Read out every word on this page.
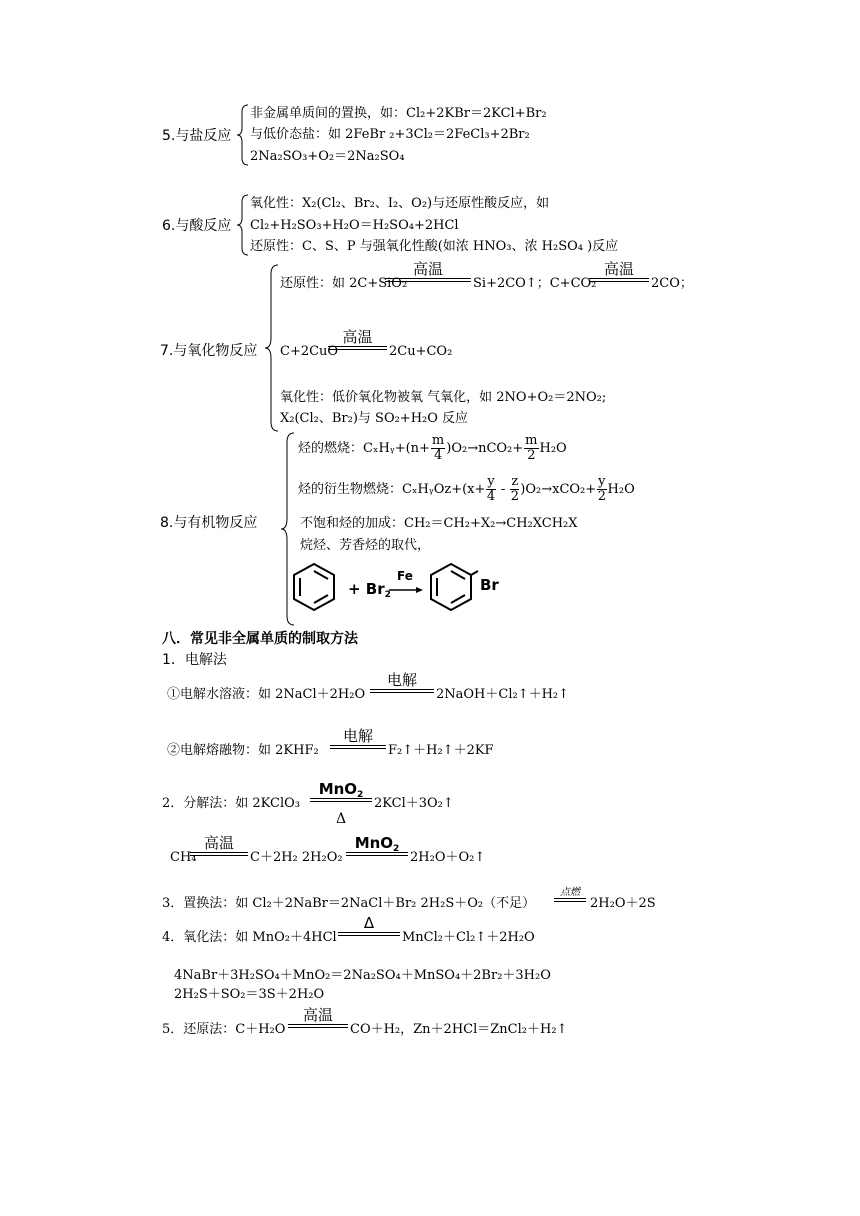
5.与盐反应
非金属单质间的置换，如：Cl₂+2KBr＝2KCl+Br₂
与低价态盐：如 2FeBr ₂+3Cl₂＝2FeCl₃+2Br₂
2Na₂SO₃+O₂＝2Na₂SO₄
6.与酸反应
氧化性：X₂(Cl₂、Br₂、I₂、O₂)与还原性酸反应，如
Cl₂+H₂SO₃+H₂O＝H₂SO₄+2HCl
还原性：C、S、P 与强氧化性酸(如浓 HNO₃、浓 H₂SO₄ )反应
7.与氧化物反应
还原性：如 2C+SiO₂
高温
Si+2CO↑；C+CO₂
高温
2CO；
C+2CuO
高温
2Cu+CO₂
氧化性：低价氧化物被氧 气氧化，如 2NO+O₂＝2NO₂;
X₂(Cl₂、Br₂)与 SO₂+H₂O 反应
8.与有机物反应
烃的燃烧：CₓHᵧ+(n+ $\frac{m}{4} )O_2\to nCO_2+ \frac{m}{2} H_2O$
烃的衍生物燃烧：CₓHᵧOz+(x+ $\frac{y}{4} - \frac{z}{2} )O_2\to xCO_2+ \frac{y}{2} H_2O$
不饱和烃的加成：CH₂＝CH₂+X₂→CH₂XCH₂X
烷烃、芳香烃的取代，
+ $Br_2$
Fe	Br
八．常见非全属单质的制取方法
1．电解法
①电解水溶液：如 2NaCl＋2H₂O
电解
2NaOH＋Cl₂↑＋H₂↑
②电解熔融物：如 2KHF₂
电解
F₂↑＋H₂↑＋2KF
2．分解法：如 2KClO₃
MnO$_2$
Δ
2KCl＋3O₂↑
CH₄
高温
C＋2H₂ 2H₂O₂
MnO$_2$
2H₂O＋O₂↑
3．置换法：如 Cl₂＋2NaBr＝2NaCl＋Br₂ 2H₂S＋O₂（不足）
点燃
2H₂O＋2S
4．氧化法：如 MnO₂＋4HCl
Δ
MnCl₂＋Cl₂↑＋2H₂O
4NaBr＋3H₂SO₄＋MnO₂＝2Na₂SO₄＋MnSO₄＋2Br₂＋3H₂O
2H₂S＋SO₂＝3S＋2H₂O
5．还原法：C＋H₂O
高温
CO＋H₂，Zn＋2HCl＝ZnCl₂＋H₂↑
